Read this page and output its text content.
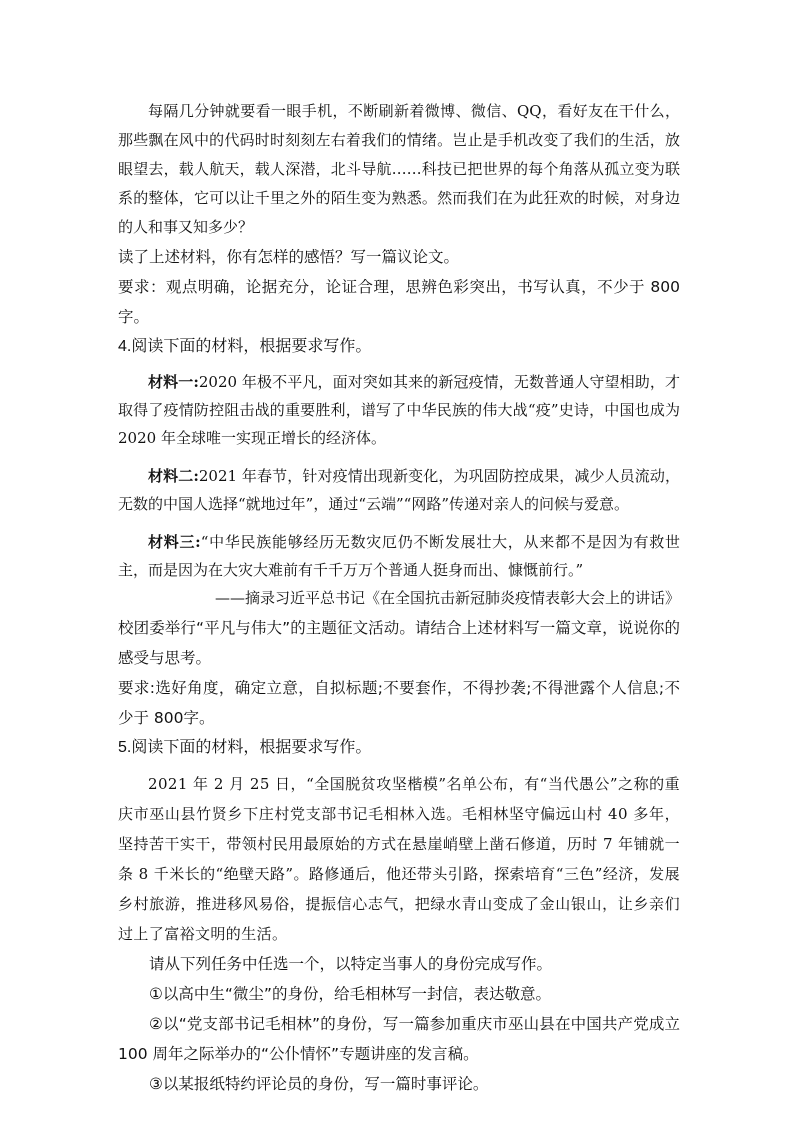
每隔几分钟就要看一眼手机，不断刷新着微博、微信、QQ，看好友在干什么，那些飘在风中的代码时时刻刻左右着我们的情绪。岂止是手机改变了我们的生活，放眼望去，载人航天，载人深潜，北斗导航……科技已把世界的每个角落从孤立变为联系的整体，它可以让千里之外的陌生变为熟悉。然而我们在为此狂欢的时候，对身边的人和事又知多少？

读了上述材料，你有怎样的感悟？写一篇议论文。

要求：观点明确，论据充分，论证合理，思辨色彩突出，书写认真，不少于 800字。

4.阅读下面的材料，根据要求写作。

材料一:2020 年极不平凡，面对突如其来的新冠疫情，无数普通人守望相助，才取得了疫情防控阻击战的重要胜利，谱写了中华民族的伟大战“疫”史诗，中国也成为 2020 年全球唯一实现正增长的经济体。

材料二:2021 年春节，针对疫情出现新变化，为巩固防控成果，减少人员流动，无数的中国人选择“就地过年”，通过“云端”“网路”传递对亲人的问候与爱意。

材料三:“中华民族能够经历无数灾厄仍不断发展壮大，从来都不是因为有救世主，而是因为在大灾大难前有千千万万个普通人挺身而出、慷慨前行。”

——摘录习近平总书记《在全国抗击新冠肺炎疫情表彰大会上的讲话》

校团委举行“平凡与伟大”的主题征文活动。请结合上述材料写一篇文章，说说你的感受与思考。

要求:选好角度，确定立意，自拟标题;不要套作，不得抄袭;不得泄露个人信息;不少于 800字。

5.阅读下面的材料，根据要求写作。

2021 年 2 月 25 日，“全国脱贫攻坚楷模”名单公布，有“当代愚公”之称的重庆市巫山县竹贤乡下庄村党支部书记毛相林入选。毛相林坚守偏远山村 40 多年，坚持苦干实干，带领村民用最原始的方式在悬崖峭壁上凿石修道，历时 7 年铺就一条 8 千米长的“绝壁天路”。路修通后，他还带头引路，探索培育“三色”经济，发展乡村旅游，推进移风易俗，提振信心志气，把绿水青山变成了金山银山，让乡亲们过上了富裕文明的生活。

请从下列任务中任选一个，以特定当事人的身份完成写作。

①以高中生“微尘”的身份，给毛相林写一封信，表达敬意。

②以“党支部书记毛相林”的身份，写一篇参加重庆市巫山县在中国共产党成立 100 周年之际举办的“公仆情怀”专题讲座的发言稿。

③以某报纸特约评论员的身份，写一篇时事评论。
